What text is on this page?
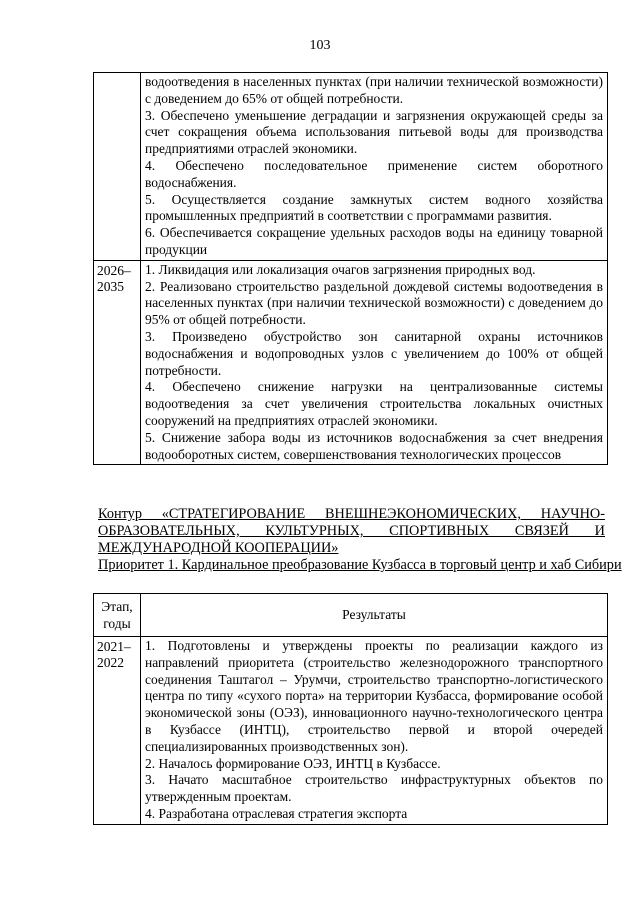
103

	водоотведения в населенных пунктах (при наличии технической возможности) с доведением до 65% от общей потребности.

3. Обеспечено уменьшение деградации и загрязнения окружающей среды за счет сокращения объема использования питьевой воды для производства предприятиями отраслей экономики.

4. Обеспечено последовательное применение систем оборотного водоснабжения.

5. Осуществляется создание замкнутых систем водного хозяйства промышленных предприятий в соответствии с программами развития.

6. Обеспечивается сокращение удельных расходов воды на единицу товарной продукции

2026–2035	1. Ликвидация или локализация очагов загрязнения природных вод.

2. Реализовано строительство раздельной дождевой системы водоотведения в населенных пунктах (при наличии технической возможности) с доведением до 95% от общей потребности.

3. Произведено обустройство зон санитарной охраны источников водоснабжения и водопроводных узлов с увеличением до 100% от общей потребности.

4. Обеспечено снижение нагрузки на централизованные системы водоотведения за счет увеличения строительства локальных очистных сооружений на предприятиях отраслей экономики.

5. Снижение забора воды из источников водоснабжения за счет внедрения водооборотных систем, совершенствования технологических процессов

Контур «СТРАТЕГИРОВАНИЕ ВНЕШНЕЭКОНОМИЧЕСКИХ, НАУЧНО-ОБРАЗОВАТЕЛЬНЫХ, КУЛЬТУРНЫХ, СПОРТИВНЫХ СВЯЗЕЙ И МЕЖДУНАРОДНОЙ КООПЕРАЦИИ»
Приоритет 1. Кардинальное преобразование Кузбасса в торговый центр и хаб Сибири
Этап, годы	Результаты
2021–2022	1. Подготовлены и утверждены проекты по реализации каждого из направлений приоритета (строительство железнодорожного транспортного соединения Таштагол – Урумчи, строительство транспортно-логистического центра по типу «сухого порта» на территории Кузбасса, формирование особой экономической зоны (ОЭЗ), инновационного научно-технологического центра в Кузбассе (ИНТЦ), строительство первой и второй очередей специализированных производственных зон).

2. Началось формирование ОЭЗ, ИНТЦ в Кузбассе.

3. Начато масштабное строительство инфраструктурных объектов по утвержденным проектам.

4. Разработана отраслевая стратегия экспорта
